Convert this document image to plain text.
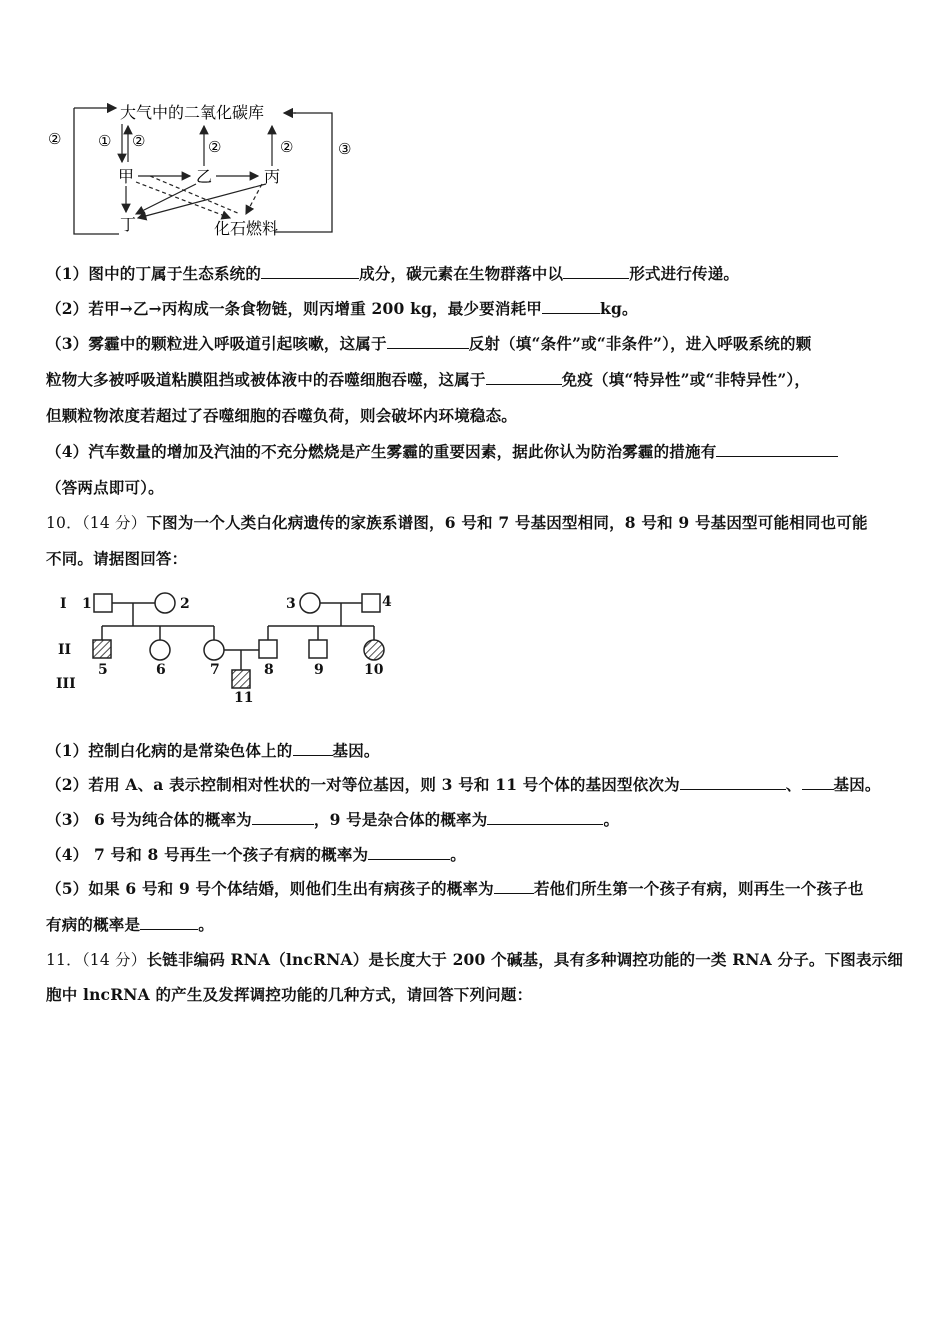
大气中的二氧化碳库
甲	乙	丙
丁	化石燃料
② ① ②	②	②	③
（1）图中的丁属于生态系统的	成分，碳元素在生物群落中以	形式进行传递。
（2）若甲→乙→丙构成一条食物链，则丙增重 200 kg，最少要消耗甲	kg。
（3）雾霾中的颗粒进入呼吸道引起咳嗽，这属于	反射（填“条件”或“非条件”），进入呼吸系统的颗
粒物大多被呼吸道粘膜阻挡或被体液中的吞噬细胞吞噬，这属于	免疫（填“特异性”或“非特异性”），
但颗粒物浓度若超过了吞噬细胞的吞噬负荷，则会破坏内环境稳态。
（4）汽车数量的增加及汽油的不充分燃烧是产生雾霾的重要因素，据此你认为防治雾霾的措施有
（答两点即可）。
10．（14 分）下图为一个人类白化病遗传的家族系谱图，6 号和 7 号基因型相同，8 号和 9 号基因型可能相同也可能
不同。请据图回答：
I
II
III
1	2	3	4
5	6	7	8	9	10
11
（1）控制白化病的是常染色体上的	基因。
（2）若用 A、a 表示控制相对性状的一对等位基因，则 3 号和 11 号个体的基因型依次为	、 基因。
（3） 6 号为纯合体的概率为	，9 号是杂合体的概率为	。
（4） 7 号和 8 号再生一个孩子有病的概率为	。
（5）如果 6 号和 9 号个体结婚，则他们生出有病孩子的概率为	若他们所生第一个孩子有病，则再生一个孩子也
有病的概率是	。
11．（14 分）长链非编码 RNA（lncRNA）是长度大于 200 个碱基，具有多种调控功能的一类 RNA 分子。下图表示细
胞中 lncRNA 的产生及发挥调控功能的几种方式，请回答下列问题：
